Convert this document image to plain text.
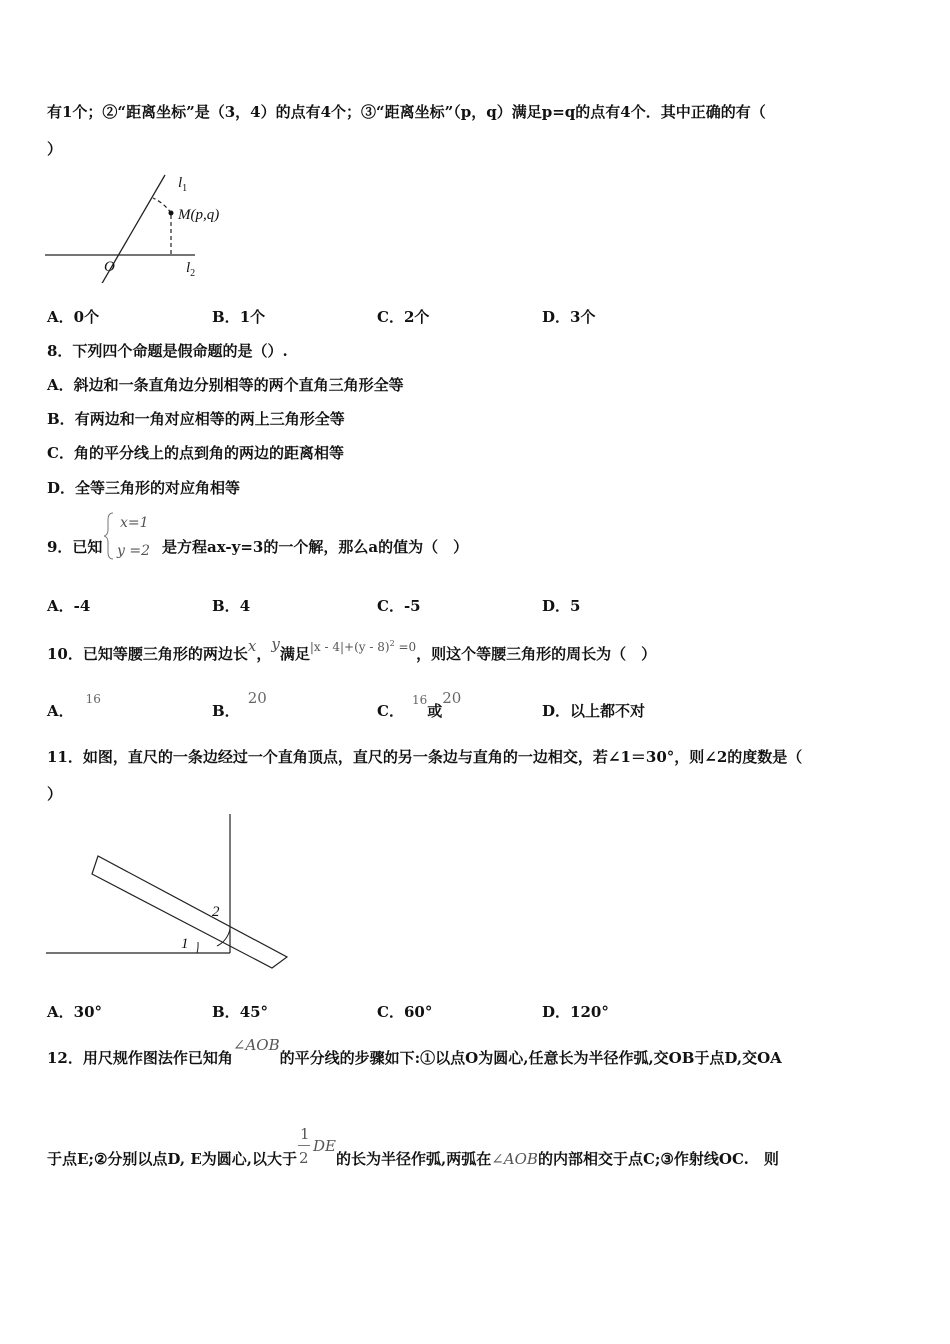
有1个；②“距离坐标”是（3，4）的点有4个；③“距离坐标”（p，q）满足p=q的点有4个．其中正确的有（
）
$l_1$
M(p,q)
O	$l_2$
A．0个	B．1个	C．2个	D．3个
8．下列四个命题是假命题的是（）.
A．斜边和一条直角边分别相等的两个直角三角形全等
B．有两边和一角对应相等的两上三角形全等
C．角的平分线上的点到角的两边的距离相等
D．全等三角形的对应角相等
9．已知
x=1
y =2 是方程ax-y=3的一个解，那么a的值为（　）
A．-4	B．4	C．-5	D．5
10．已知等腰三角形的两边长x，y满足$^{|x - 4|+(y - 8)^2 =0}$，则这个等腰三角形的周长为（　）
A．$^{16}$
B．20
C．$^{16}$或20
D．以上都不对
11．如图，直尺的一条边经过一个直角顶点，直尺的另一条边与直角的一边相交，若∠1＝30°，则∠2的度数是（
）
1
2
A．30°	B．45°	C．60°	D．120°
12．用尺规作图法作已知角∠AOB的平分线的步骤如下:①以点O为圆心,任意长为半径作弧,交OB于点D,交OA
于点E;②分别以点D, E为圆心,以大于 $\frac{1}{2}$
DE的长为半径作弧,两弧在∠AOB的内部相交于点C;③作射线OC.　则
